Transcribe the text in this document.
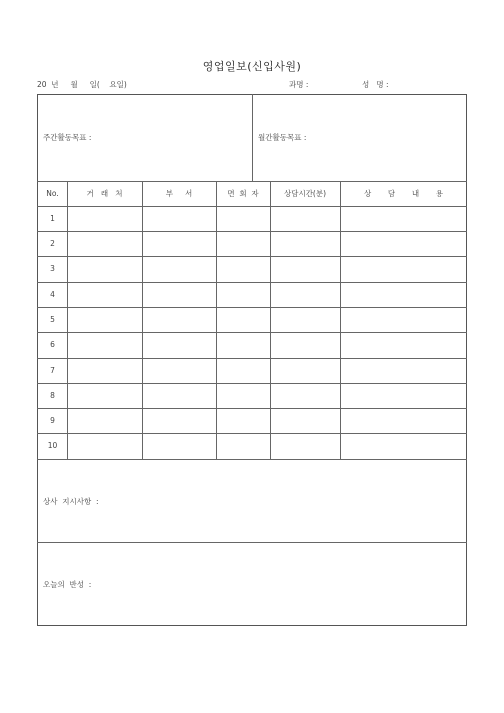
영업일보(신입사원)
20  년     월     일(    요일)	과명 :	성   명 :
주간활동목표 :	월간활동목표 :
No.	거   래   처	부     서	면  회  자	상담시간(분)	상       담       내       용
1
2
3
4
5
6
7
8
9
10
상사  지시사항  :
오늘의  반성  :
